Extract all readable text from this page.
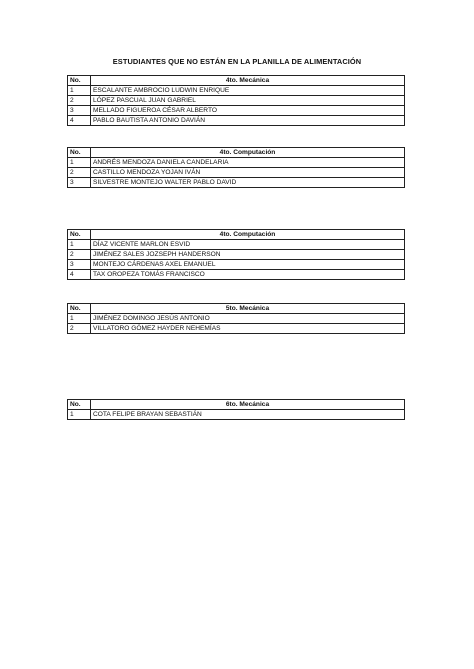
ESTUDIANTES QUE NO ESTÁN EN LA PLANILLA DE ALIMENTACIÓN
No.	4to. Mecánica
1	ESCALANTE AMBROCIO LUDWIN ENRIQUE
2	LÓPEZ PASCUAL JUAN GABRIEL
3	MELLADO FIGUEROA CÉSAR ALBERTO
4	PABLO BAUTISTA ANTONIO DAVIÁN
No.	4to. Computación
1	ANDRÉS MENDOZA DANIELA CANDELARIA
2	CASTILLO MENDOZA YOJAN IVÁN
3	SILVESTRE MONTEJO WALTER PABLO DAVID
No.	4to. Computación
1	DÍAZ VICENTE MARLON ESVID
2	JIMÉNEZ SALES JOZSEPH HANDERSON
3	MONTEJO CÁRDENAS AXEL EMANUEL
4	TAX OROPEZA TOMÁS FRANCISCO
No.	5to. Mecánica
1	JIMÉNEZ DOMINGO JESÚS ANTONIO
2	VILLATORO GÓMEZ HAYDER NEHEMÍAS
No.	6to. Mecánica
1	COTA FELIPE BRAYAN SEBASTIÁN
